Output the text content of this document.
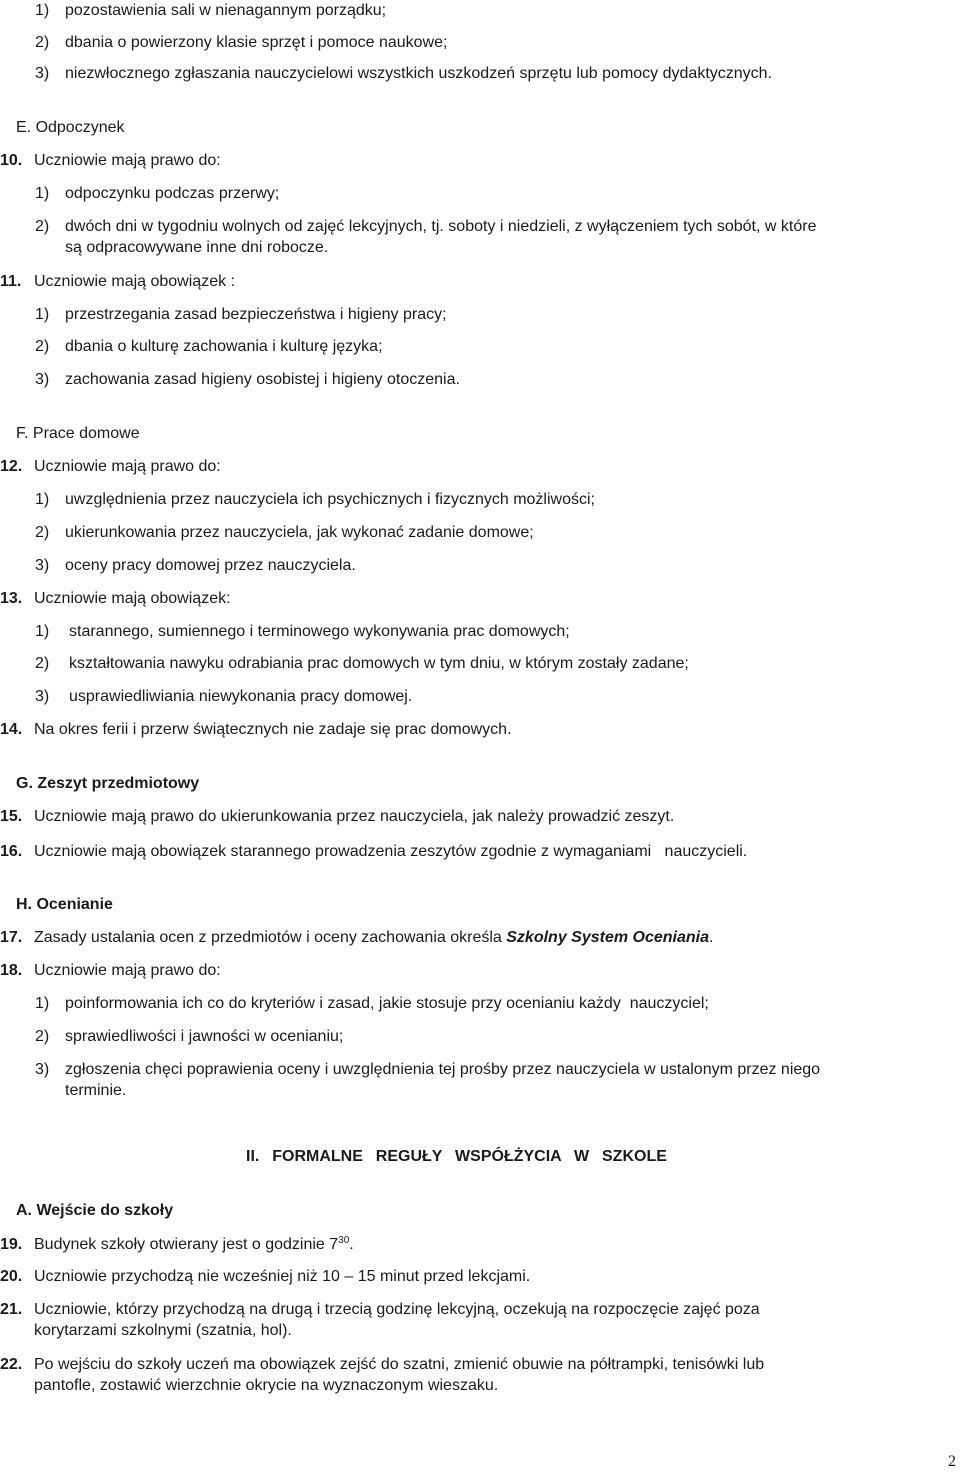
1) pozostawienia sali w nienagannym porządku;
2) dbania o powierzony klasie sprzęt i pomoce naukowe;
3) niezwłocznego zgłaszania nauczycielowi wszystkich uszkodzeń sprzętu lub pomocy dydaktycznych.
E. Odpoczynek
10. Uczniowie mają prawo do:
1) odpoczynku podczas przerwy;
2) dwóch dni w tygodniu wolnych od zajęć lekcyjnych, tj. soboty i niedzieli, z wyłączeniem tych sobót, w które
są odpracowywane inne dni robocze.
11. Uczniowie mają obowiązek :
1) przestrzegania zasad bezpieczeństwa i higieny pracy;
2) dbania o kulturę zachowania i kulturę języka;
3) zachowania zasad higieny osobistej i higieny otoczenia.
F. Prace domowe
12. Uczniowie mają prawo do:
1) uwzględnienia przez nauczyciela ich psychicznych i fizycznych możliwości;
2) ukierunkowania przez nauczyciela, jak wykonać zadanie domowe;
3) oceny pracy domowej przez nauczyciela.
13. Uczniowie mają obowiązek:
1) starannego, sumiennego i terminowego wykonywania prac domowych;
2) kształtowania nawyku odrabiania prac domowych w tym dniu, w którym zostały zadane;
3) usprawiedliwiania niewykonania pracy domowej.
14. Na okres ferii i przerw świątecznych nie zadaje się prac domowych.
G. Zeszyt przedmiotowy
15. Uczniowie mają prawo do ukierunkowania przez nauczyciela, jak należy prowadzić zeszyt.
16. Uczniowie mają obowiązek starannego prowadzenia zeszytów zgodnie z wymaganiami   nauczycieli.
H. Ocenianie
17. Zasady ustalania ocen z przedmiotów i oceny zachowania określa Szkolny System Oceniania.
18. Uczniowie mają prawo do:
1) poinformowania ich co do kryteriów i zasad, jakie stosuje przy ocenianiu każdy  nauczyciel;
2) sprawiedliwości i jawności w ocenianiu;
3) zgłoszenia chęci poprawienia oceny i uwzględnienia tej prośby przez nauczyciela w ustalonym przez niego
terminie.
II.  FORMALNE  REGUŁY  WSPÓŁŻYCIA  W  SZKOLE
A. Wejście do szkoły
19. Budynek szkoły otwierany jest o godzinie $7^{30}$.
20. Uczniowie przychodzą nie wcześniej niż 10 – 15 minut przed lekcjami.
21. Uczniowie, którzy przychodzą na drugą i trzecią godzinę lekcyjną, oczekują na rozpoczęcie zajęć poza
korytarzami szkolnymi (szatnia, hol).
22. Po wejściu do szkoły uczeń ma obowiązek zejść do szatni, zmienić obuwie na półtrampki, tenisówki lub
pantofle, zostawić wierzchnie okrycie na wyznaczonym wieszaku.
2
